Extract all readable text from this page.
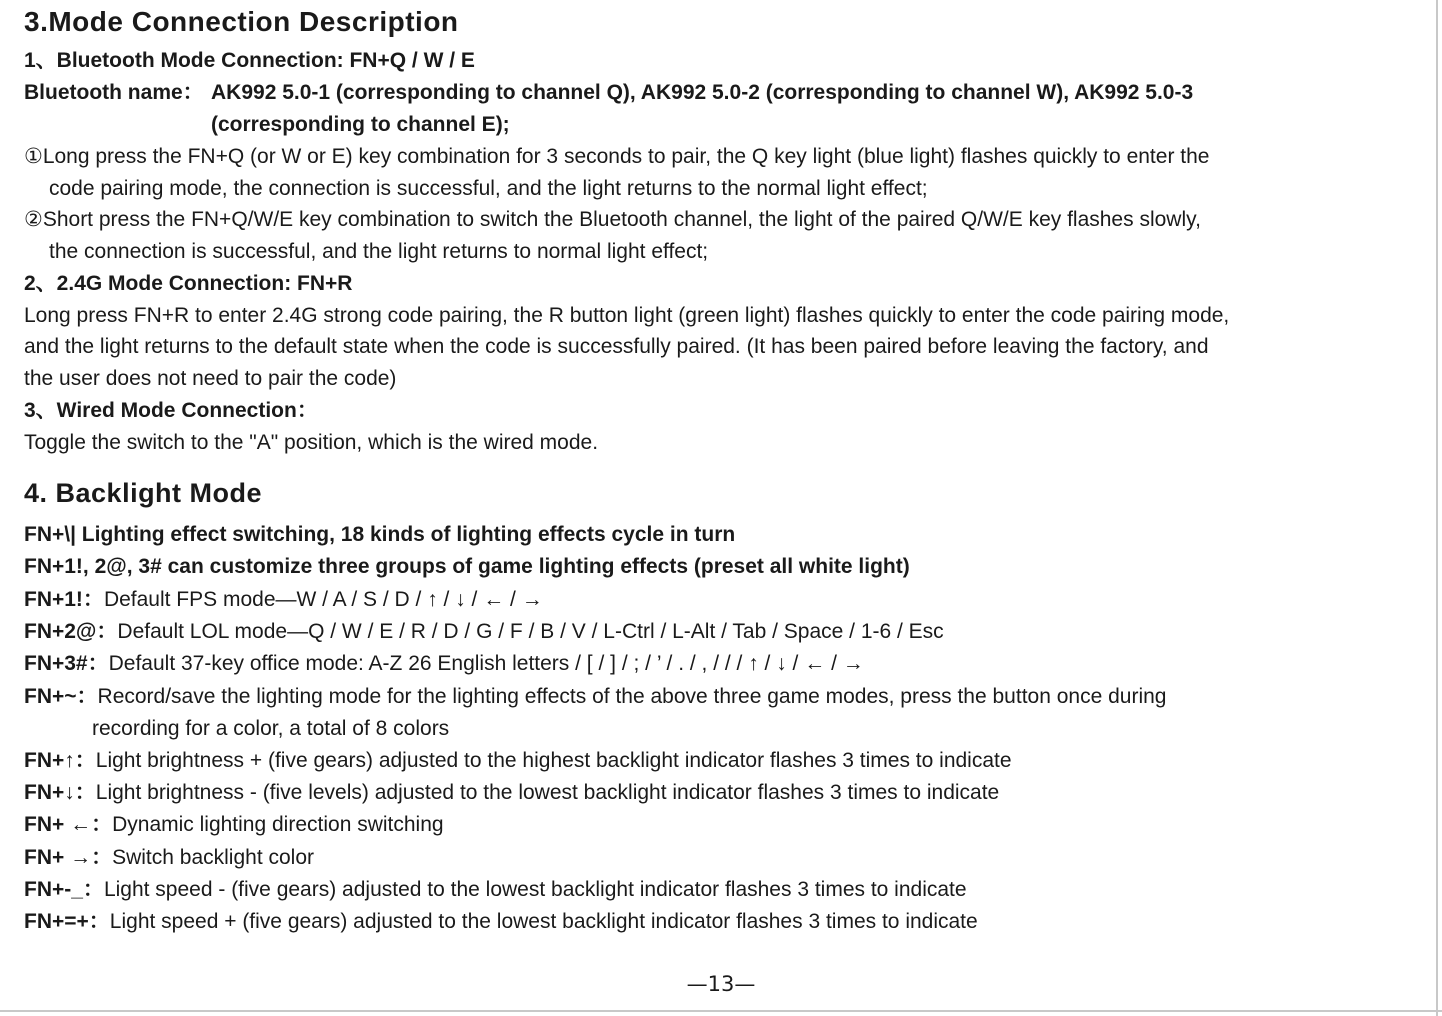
3.Mode Connection Description
1、Bluetooth Mode Connection: FN+Q / W / E
Bluetooth name： AK992 5.0-1 (corresponding to channel Q), AK992 5.0-2 (corresponding to channel W), AK992 5.0-3
(corresponding to channel E);
①Long press the FN+Q (or W or E) key combination for 3 seconds to pair, the Q key light (blue light) flashes quickly to enter the
code pairing mode, the connection is successful, and the light returns to the normal light effect;
②Short press the FN+Q/W/E key combination to switch the Bluetooth channel, the light of the paired Q/W/E key flashes slowly,
the connection is successful, and the light returns to normal light effect;
2、2.4G Mode Connection: FN+R
Long press FN+R to enter 2.4G strong code pairing, the R button light (green light) flashes quickly to enter the code pairing mode,
and the light returns to the default state when the code is successfully paired. (It has been paired before leaving the factory, and
the user does not need to pair the code)
3、Wired Mode Connection：
Toggle the switch to the "A" position, which is the wired mode.
4. Backlight Mode
FN+\| Lighting effect switching, 18 kinds of lighting effects cycle in turn
FN+1!, 2@, 3# can customize three groups of game lighting effects (preset all white light)
FN+1!：Default FPS mode—W / A / S / D / ↑ / ↓ / ← / →
FN+2@：Default LOL mode—Q / W / E / R / D / G / F / B / V / L-Ctrl / L-Alt / Tab / Space / 1-6 / Esc
FN+3#：Default 37-key office mode: A-Z 26 English letters / [ / ] / ; / ’ / . / , / / / ↑ / ↓ / ← / →
FN+~：Record/save the lighting mode for the lighting effects of the above three game modes, press the button once during
recording for a color, a total of 8 colors
FN+↑：Light brightness + (five gears) adjusted to the highest backlight indicator flashes 3 times to indicate
FN+↓：Light brightness - (five levels) adjusted to the lowest backlight indicator flashes 3 times to indicate
FN+ ←：Dynamic lighting direction switching
FN+ →：Switch backlight color
FN+-_：Light speed - (five gears) adjusted to the lowest backlight indicator flashes 3 times to indicate
FN+=+：Light speed + (five gears) adjusted to the lowest backlight indicator flashes 3 times to indicate
—13—
